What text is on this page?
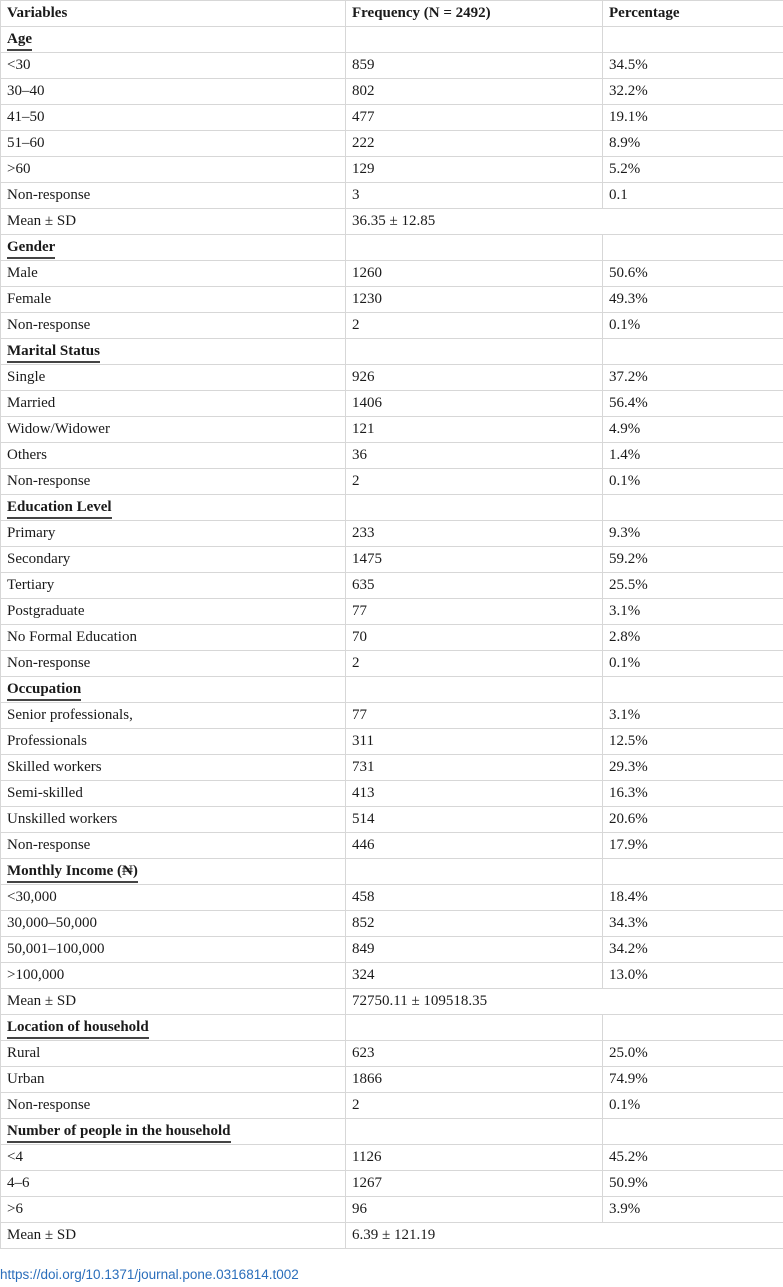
Variables	Frequency (N = 2492)	Percentage
Age		
<30	859	34.5%
30–40	802	32.2%
41–50	477	19.1%
51–60	222	8.9%
>60	129	5.2%
Non-response	3	0.1
Mean ± SD	36.35 ± 12.85	
Gender		
Male	1260	50.6%
Female	1230	49.3%
Non-response	2	0.1%
Marital Status		
Single	926	37.2%
Married	1406	56.4%
Widow/Widower	121	4.9%
Others	36	1.4%
Non-response	2	0.1%
Education Level		
Primary	233	9.3%
Secondary	1475	59.2%
Tertiary	635	25.5%
Postgraduate	77	3.1%
No Formal Education	70	2.8%
Non-response	2	0.1%
Occupation		
Senior professionals,	77	3.1%
Professionals	311	12.5%
Skilled workers	731	29.3%
Semi-skilled	413	16.3%
Unskilled workers	514	20.6%
Non-response	446	17.9%
Monthly Income (₦)		
<30,000	458	18.4%
30,000–50,000	852	34.3%
50,001–100,000	849	34.2%
>100,000	324	13.0%
Mean ± SD	72750.11 ± 109518.35	
Location of household		
Rural	623	25.0%
Urban	1866	74.9%
Non-response	2	0.1%
Number of people in the household		
<4	1126	45.2%
4–6	1267	50.9%
>6	96	3.9%
Mean ± SD	6.39 ± 121.19	
https://doi.org/10.1371/journal.pone.0316814.t002
